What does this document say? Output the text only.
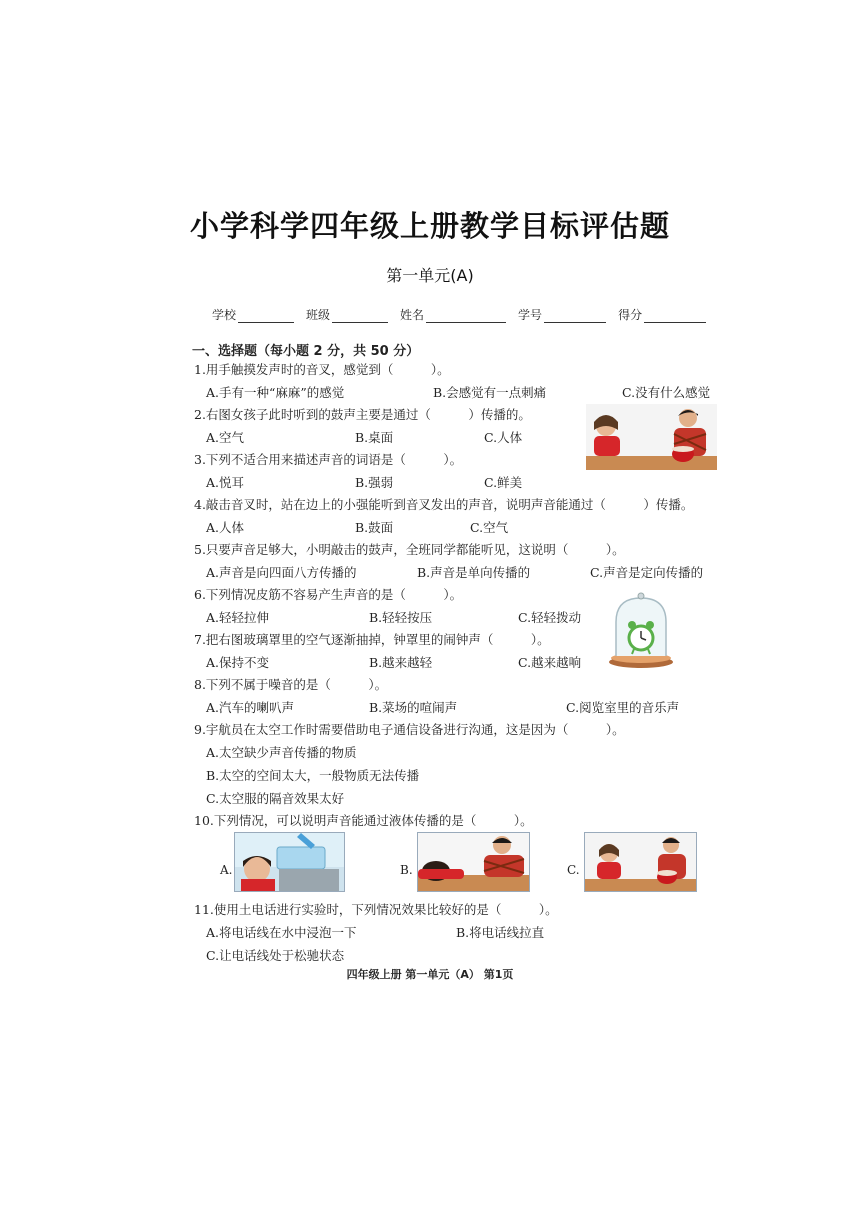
小学科学四年级上册教学目标评估题
第一单元(A)
学校	班级	姓名	学号	得分
一、选择题（每小题 2 分，共 50 分）
1.用手触摸发声时的音叉，感觉到（　　　）。
A.手有一种“麻麻”的感觉	B.会感觉有一点刺痛	C.没有什么感觉
2.右图女孩子此时听到的鼓声主要是通过（　　　）传播的。
A.空气	B.桌面	C.人体
3.下列不适合用来描述声音的词语是（　　　）。
A.悦耳	B.强弱	C.鲜美
4.敲击音叉时，站在边上的小强能听到音叉发出的声音，说明声音能通过（　　　）传播。
A.人体	B.鼓面	C.空气
5.只要声音足够大，小明敲击的鼓声，全班同学都能听见，这说明（　　　）。
A.声音是向四面八方传播的	B.声音是单向传播的	C.声音是定向传播的
6.下列情况皮筋不容易产生声音的是（　　　）。
A.轻轻拉伸	B.轻轻按压	C.轻轻拨动
7.把右图玻璃罩里的空气逐渐抽掉，钟罩里的闹钟声（　　　）。
A.保持不变	B.越来越轻	C.越来越响
8.下列不属于噪音的是（　　　）。
A.汽车的喇叭声	B.菜场的喧闹声	C.阅览室里的音乐声
9.宇航员在太空工作时需要借助电子通信设备进行沟通，这是因为（　　　）。
A.太空缺少声音传播的物质
B.太空的空间太大，一般物质无法传播
C.太空服的隔音效果太好
10.下列情况，可以说明声音能通过液体传播的是（　　　）。
A.	B.	C.
11.使用土电话进行实验时，下列情况效果比较好的是（　　　）。
A.将电话线在水中浸泡一下	B.将电话线拉直
C.让电话线处于松驰状态
四年级上册 第一单元（A） 第1页
